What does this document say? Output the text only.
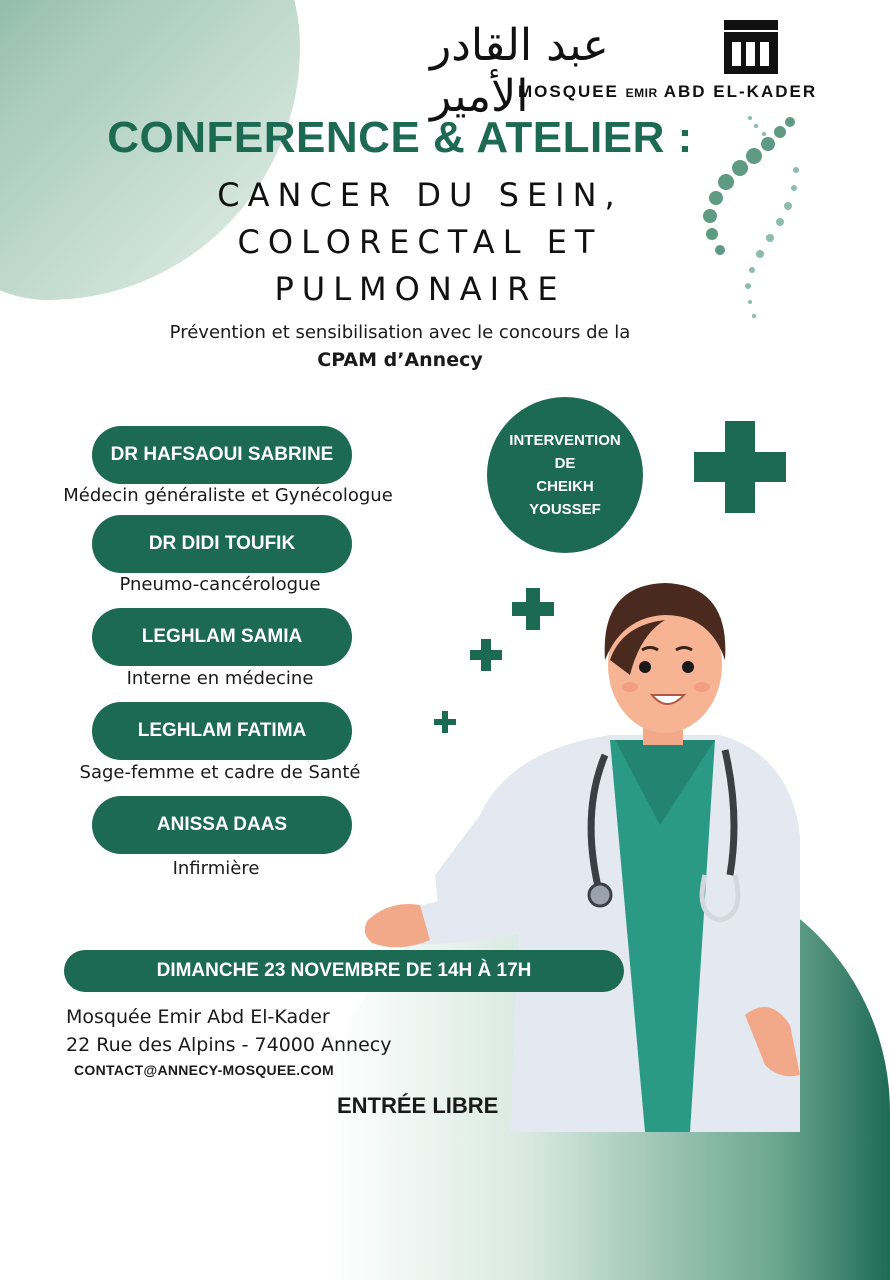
عبد القادر الأمير
MOSQUEE EMIR ABD EL-KADER
CONFERENCE & ATELIER :
CANCER DU SEIN,
COLORECTAL ET
PULMONAIRE
Prévention et sensibilisation avec le concours de la
CPAM d’Annecy
DR HAFSAOUI SABRINE
Médecin généraliste et Gynécologue
DR DIDI TOUFIK
Pneumo-cancérologue
LEGHLAM SAMIA
Interne en médecine
LEGHLAM FATIMA
Sage-femme et cadre de Santé
ANISSA DAAS
Infirmière
INTERVENTION
DE
CHEIKH
YOUSSEF
DIMANCHE 23 NOVEMBRE DE 14H À 17H
Mosquée Emir Abd El-Kader
22 Rue des Alpins - 74000 Annecy
CONTACT@ANNECY-MOSQUEE.COM
ENTRÉE LIBRE
